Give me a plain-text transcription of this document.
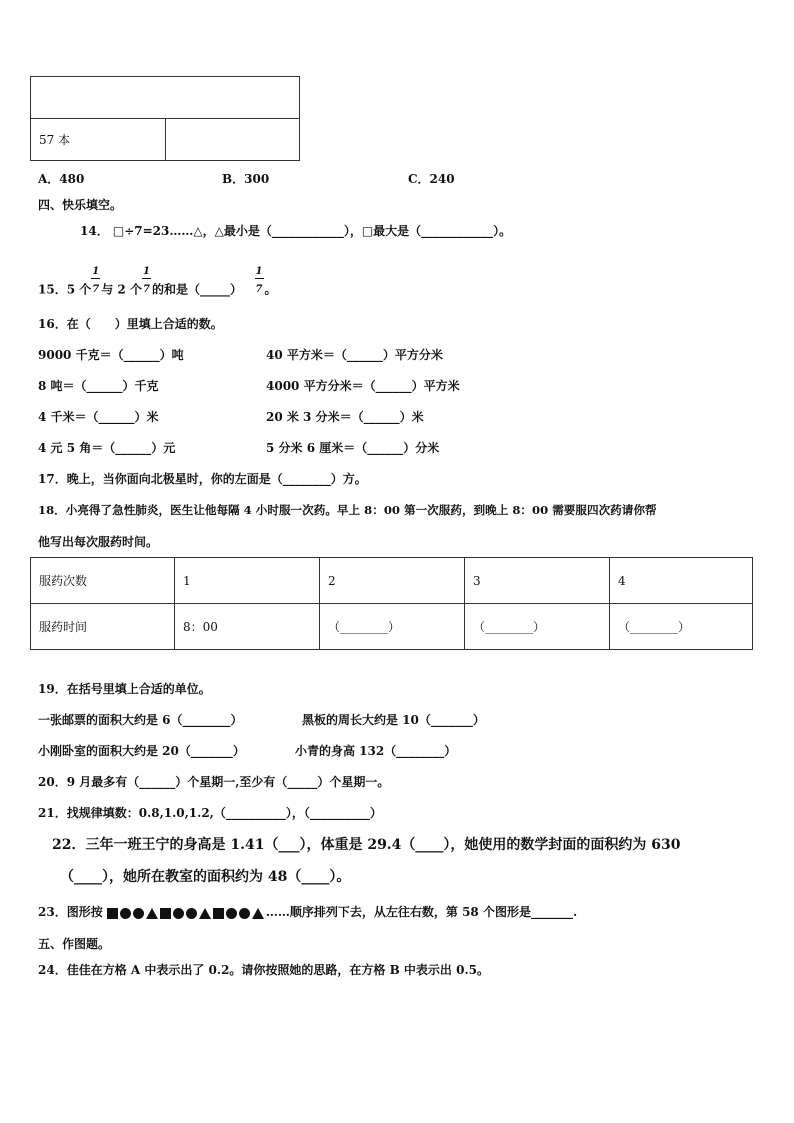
57 本	
A．480	B．300	C．240
四、快乐填空。
14． □÷7=23……△，△最小是（____________），□最大是（____________）。
15．5 个 $\frac{1}{7}$ 与 2 个 $\frac{1}{7}$ 的和是（_____） $\frac{1}{7}$ 。
16．在（　　）里填上合适的数。
9000 千克＝（______）吨	40 平方米＝（______）平方分米
8 吨＝（______）千克	4000 平方分米＝（______）平方米
4 千米＝（______）米	20 米 3 分米＝（______）米
4 元 5 角＝（______）元	5 分米 6 厘米＝（______）分米
17．晚上，当你面向北极星时，你的左面是（________）方。
18．小亮得了急性肺炎，医生让他每隔 4 小时服一次药。早上 8：00 第一次服药，到晚上 8：00 需要服四次药请你帮
他写出每次服药时间。
服药次数	1	2	3	4
服药时间	8：00	（________）	（________）	（________）
19．在括号里填上合适的单位。
一张邮票的面积大约是 6（________）	黑板的周长大约是 10（_______）
小刚卧室的面积大约是 20（_______）	小青的身高 132（________）
20．9 月最多有（______）个星期一,至少有（_____）个星期一。
21．找规律填数：0.8,1.0,1.2,（__________），（__________）
22．三年一班王宁的身高是 1.41（___），体重是 29.4（____），她使用的数学封面的面积约为 630
（____），她所在教室的面积约为 48（____）。
23．图形按	……顺序排列下去，从左往右数，第 58 个图形是_______.
五、作图题。
24．佳佳在方格 A 中表示出了 0.2。请你按照她的思路，在方格 B 中表示出 0.5。
